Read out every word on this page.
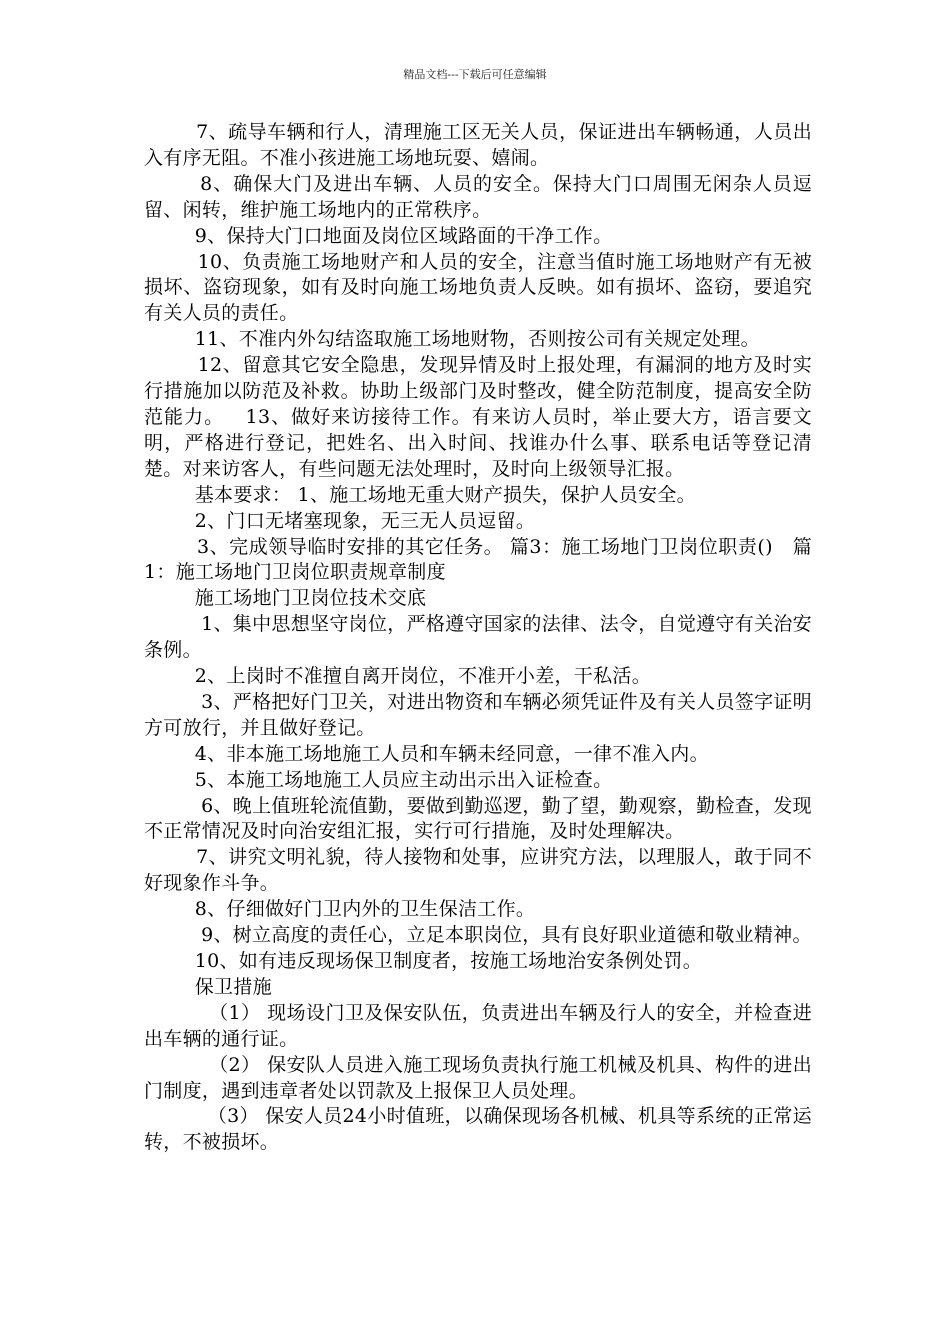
精品文档---下载后可任意编辑

7、疏导车辆和行人，清理施工区无关人员，保证进出车辆畅通，人员出入有序无阻。不准小孩进施工场地玩耍、嬉闹。

8、确保大门及进出车辆、人员的安全。保持大门口周围无闲杂人员逗留、闲转，维护施工场地内的正常秩序。

9、保持大门口地面及岗位区域路面的干净工作。

10、负责施工场地财产和人员的安全，注意当值时施工场地财产有无被损坏、盗窃现象，如有及时向施工场地负责人反映。如有损坏、盗窃，要追究有关人员的责任。

11、不准内外勾结盗取施工场地财物，否则按公司有关规定处理。

12、留意其它安全隐患，发现异情及时上报处理，有漏洞的地方及时实行措施加以防范及补救。协助上级部门及时整改，健全防范制度，提高安全防范能力。   13、做好来访接待工作。有来访人员时，举止要大方，语言要文明，严格进行登记，把姓名、出入时间、找谁办什么事、联系电话等登记清楚。对来访客人，有些问题无法处理时，及时向上级领导汇报。

基本要求： 1、施工场地无重大财产损失，保护人员安全。

2、门口无堵塞现象，无三无人员逗留。

3、完成领导临时安排的其它任务。 篇3：施工场地门卫岗位职责()   篇1：施工场地门卫岗位职责规章制度

施工场地门卫岗位技术交底

1、集中思想坚守岗位，严格遵守国家的法律、法令，自觉遵守有关治安条例。

2、上岗时不准擅自离开岗位，不准开小差，干私活。

3、严格把好门卫关，对进出物资和车辆必须凭证件及有关人员签字证明方可放行，并且做好登记。

4、非本施工场地施工人员和车辆未经同意，一律不准入内。

5、本施工场地施工人员应主动出示出入证检查。

6、晚上值班轮流值勤，要做到勤巡逻，勤了望，勤观察，勤检查，发现不正常情况及时向治安组汇报，实行可行措施，及时处理解决。

7、讲究文明礼貌，待人接物和处事，应讲究方法，以理服人，敢于同不好现象作斗争。

8、仔细做好门卫内外的卫生保洁工作。

9、树立高度的责任心，立足本职岗位，具有良好职业道德和敬业精神。

10、如有违反现场保卫制度者，按施工场地治安条例处罚。

保卫措施

（1） 现场设门卫及保安队伍，负责进出车辆及行人的安全，并检查进出车辆的通行证。

（2） 保安队人员进入施工现场负责执行施工机械及机具、构件的进出门制度，遇到违章者处以罚款及上报保卫人员处理。

（3） 保安人员24小时值班，以确保现场各机械、机具等系统的正常运转，不被损坏。
